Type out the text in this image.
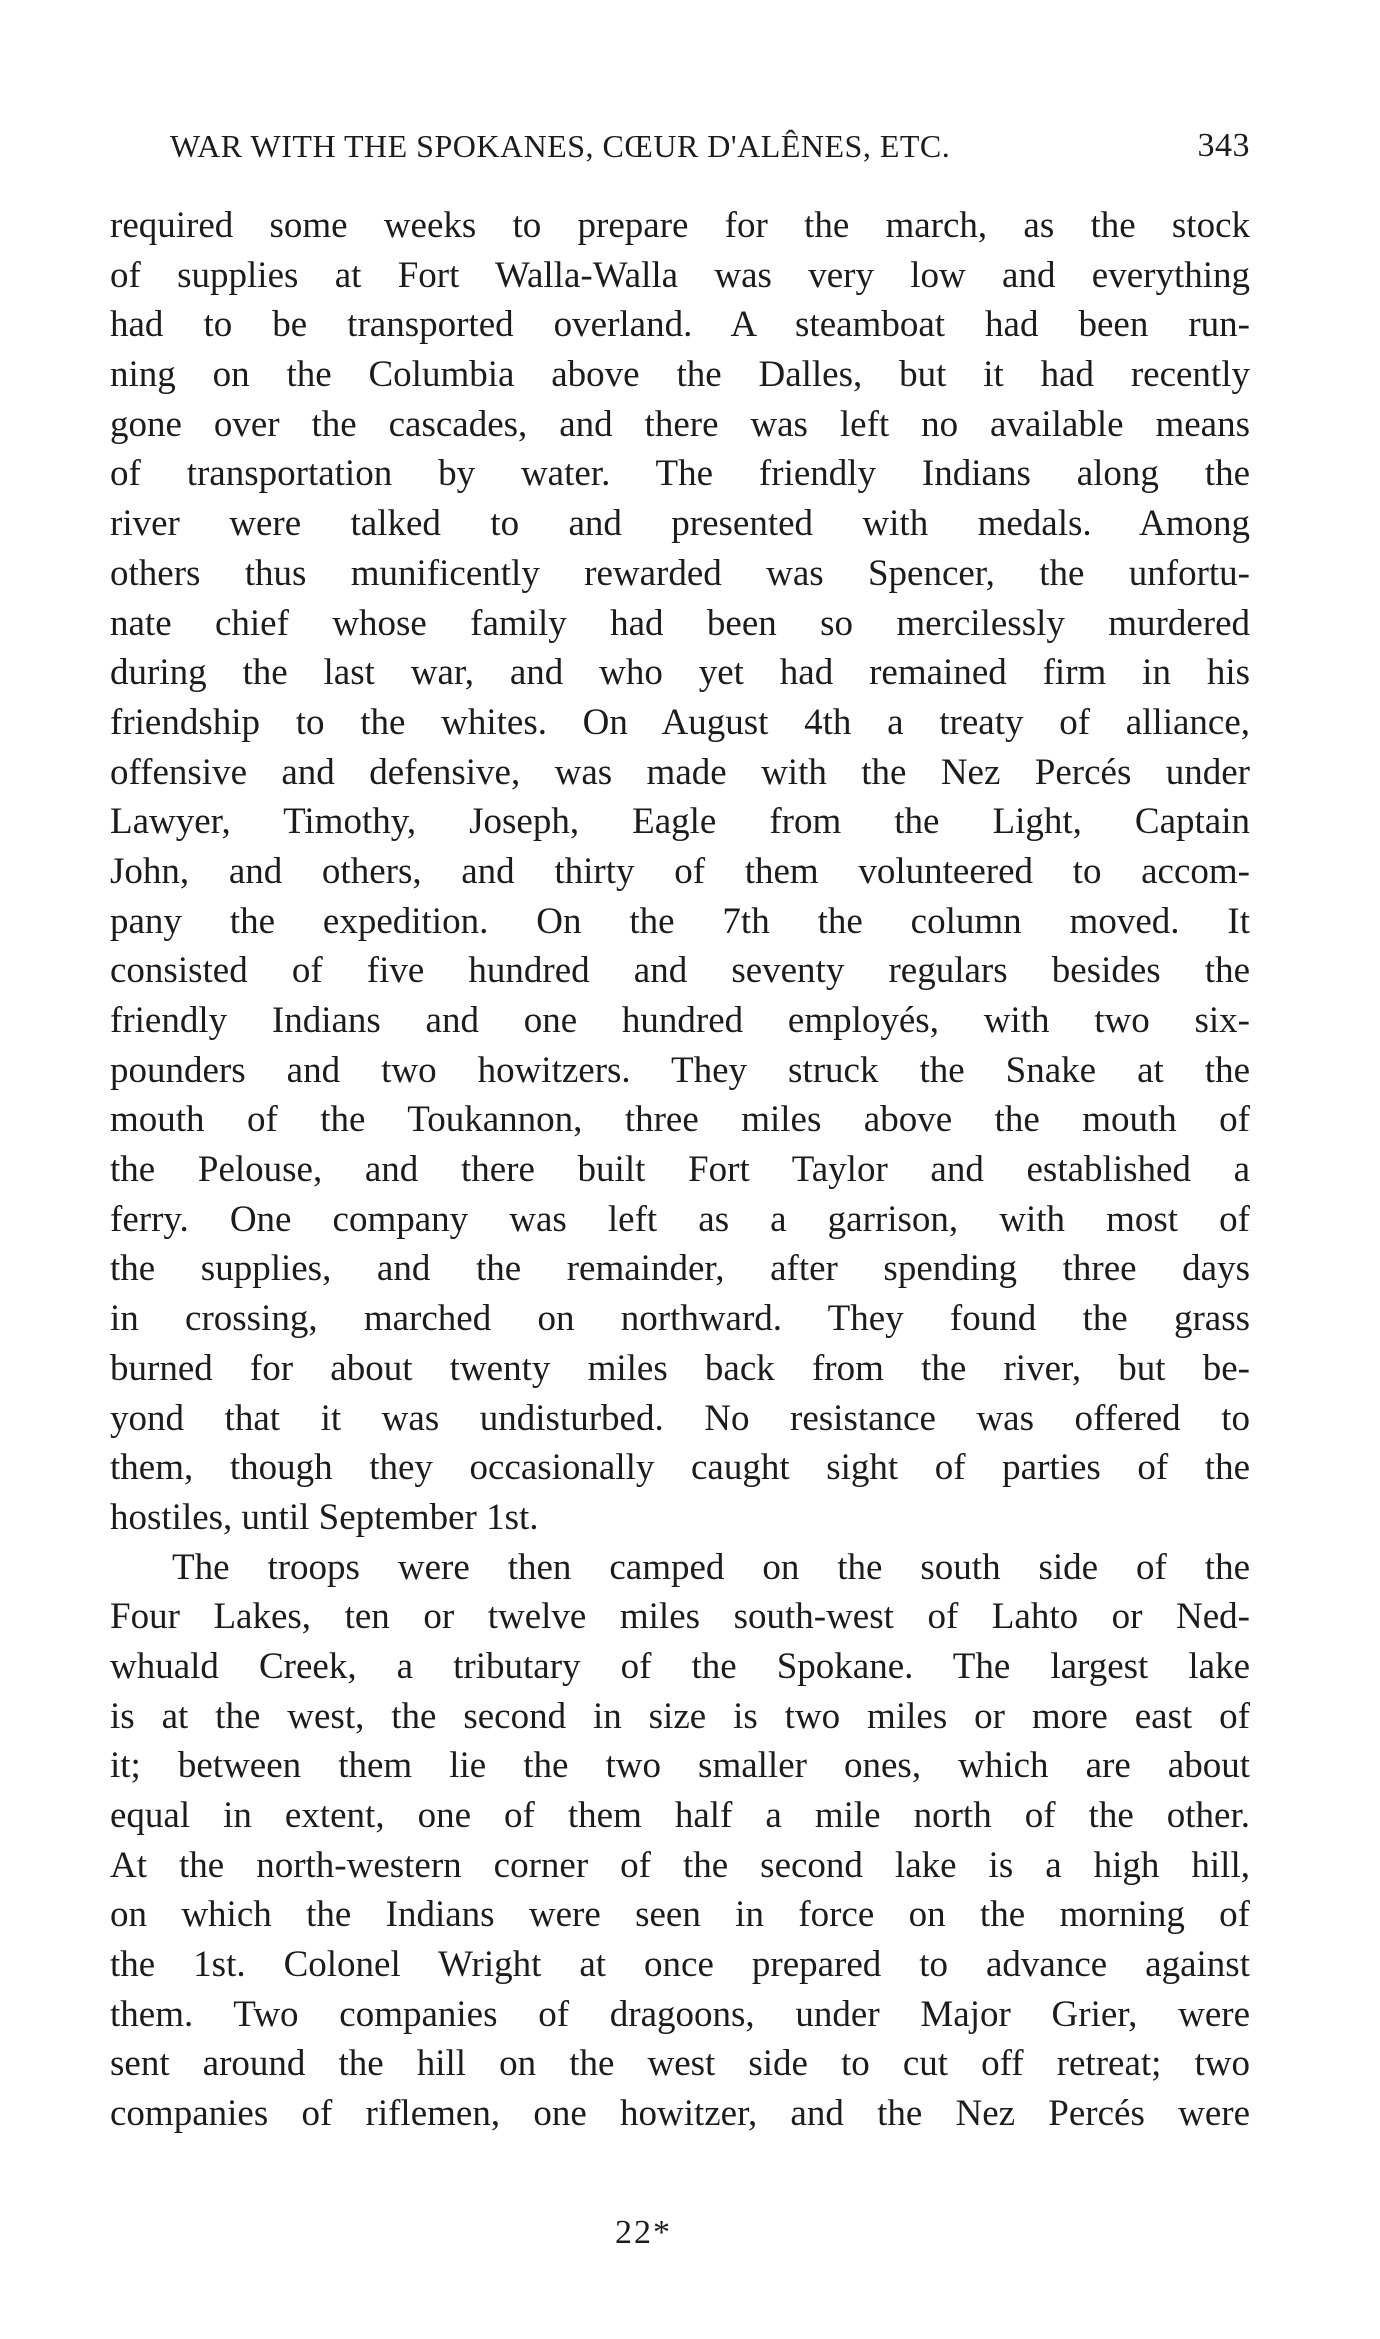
WAR WITH THE SPOKANES, CŒUR D'ALÊNES, ETC.	343
required some weeks to prepare for the march, as the stock
of supplies at Fort Walla-Walla was very low and everything
had to be transported overland. A steamboat had been run-
ning on the Columbia above the Dalles, but it had recently
gone over the cascades, and there was left no available means
of transportation by water. The friendly Indians along the
river were talked to and presented with medals. Among
others thus munificently rewarded was Spencer, the unfortu-
nate chief whose family had been so mercilessly murdered
during the last war, and who yet had remained firm in his
friendship to the whites. On August 4th a treaty of alliance,
offensive and defensive, was made with the Nez Percés under
Lawyer, Timothy, Joseph, Eagle from the Light, Captain
John, and others, and thirty of them volunteered to accom-
pany the expedition. On the 7th the column moved. It
consisted of five hundred and seventy regulars besides the
friendly Indians and one hundred employés, with two six-
pounders and two howitzers. They struck the Snake at the
mouth of the Toukannon, three miles above the mouth of
the Pelouse, and there built Fort Taylor and established a
ferry. One company was left as a garrison, with most of
the supplies, and the remainder, after spending three days
in crossing, marched on northward. They found the grass
burned for about twenty miles back from the river, but be-
yond that it was undisturbed. No resistance was offered to
them, though they occasionally caught sight of parties of the
hostiles, until September 1st.
The troops were then camped on the south side of the
Four Lakes, ten or twelve miles south-west of Lahto or Ned-
whuald Creek, a tributary of the Spokane. The largest lake
is at the west, the second in size is two miles or more east of
it; between them lie the two smaller ones, which are about
equal in extent, one of them half a mile north of the other.
At the north-western corner of the second lake is a high hill,
on which the Indians were seen in force on the morning of
the 1st. Colonel Wright at once prepared to advance against
them. Two companies of dragoons, under Major Grier, were
sent around the hill on the west side to cut off retreat; two
companies of riflemen, one howitzer, and the Nez Percés were
22*
